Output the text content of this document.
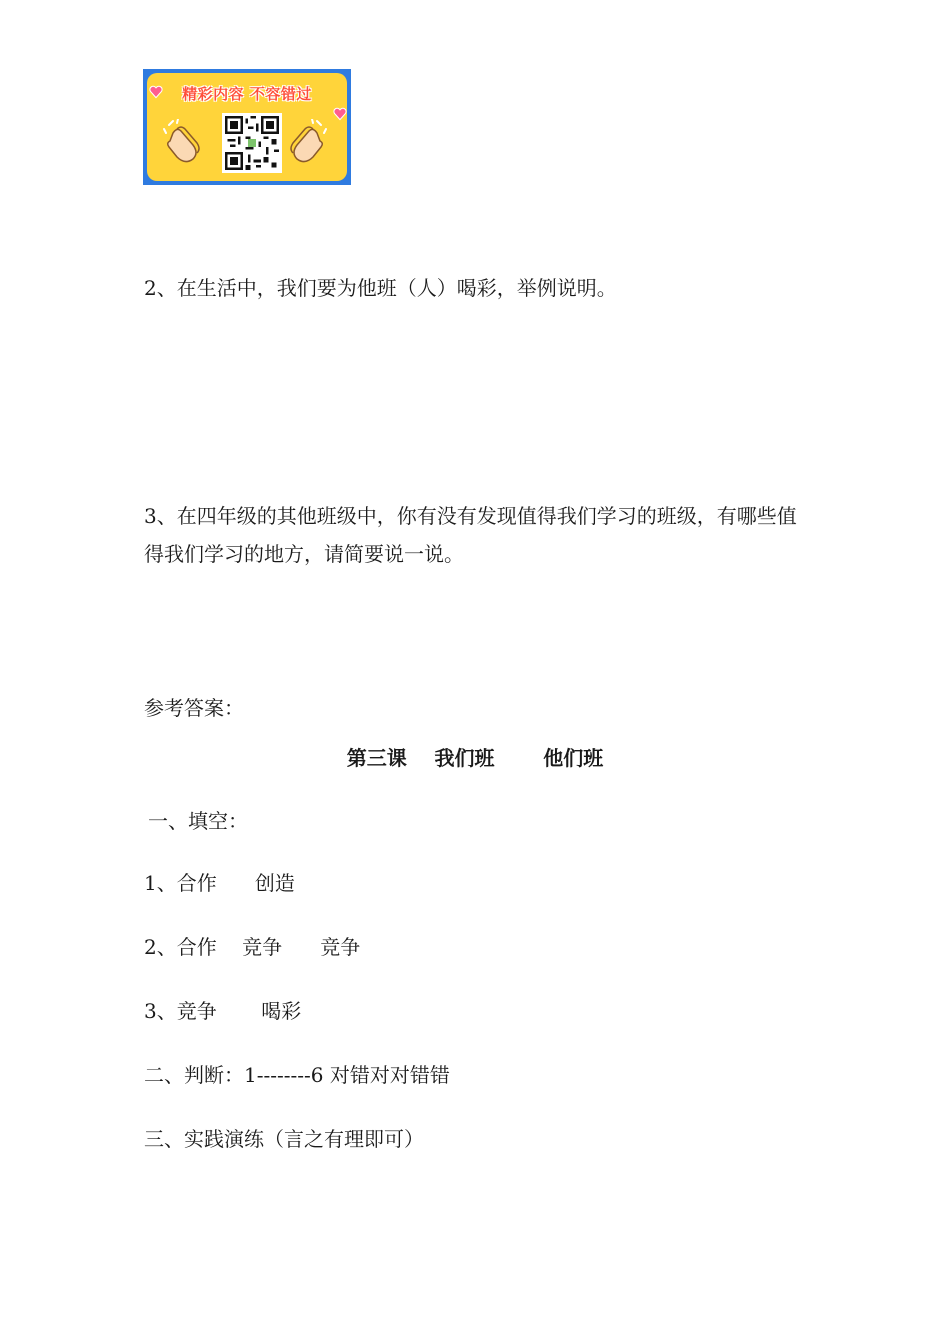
精彩内容 不容错过
2、在生活中，我们要为他班（人）喝彩，举例说明。
3、在四年级的其他班级中，你有没有发现值得我们学习的班级，有哪些值得我们学习的地方，请简要说一说。
参考答案：
第三课    我们班       他们班
一、填空：
1、合作      创造
2、合作    竞争      竞争
3、竞争       喝彩
二、判断：1--------6 对错对对错错
三、实践演练（言之有理即可）
